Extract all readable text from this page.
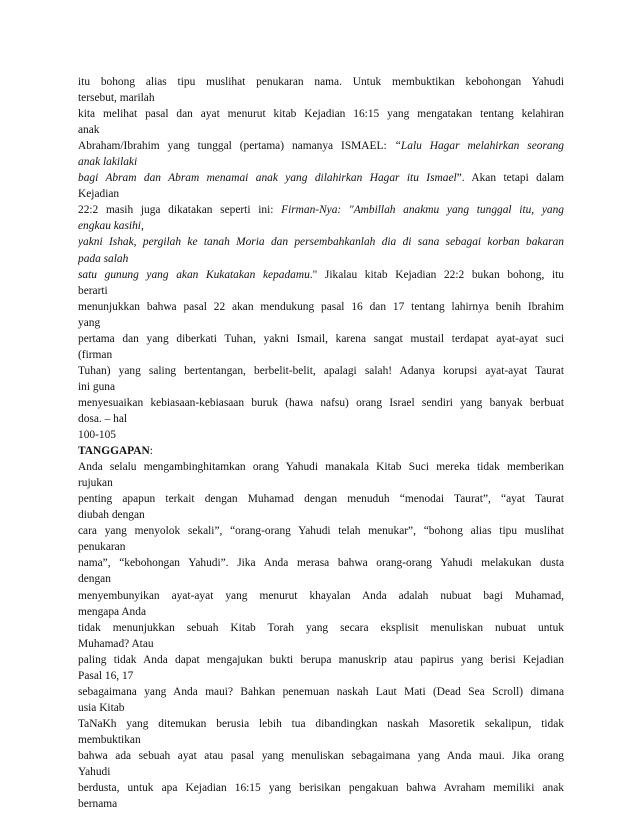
itu bohong alias tipu muslihat penukaran nama. Untuk membuktikan kebohongan Yahudi
tersebut, marilah
kita melihat pasal dan ayat menurut kitab Kejadian 16:15 yang mengatakan tentang kelahiran
anak
Abraham/Ibrahim yang tunggal (pertama) namanya ISMAEL: “Lalu Hagar melahirkan seorang
anak lakilaki
bagi Abram dan Abram menamai anak yang dilahirkan Hagar itu Ismael”. Akan tetapi dalam
Kejadian
22:2 masih juga dikatakan seperti ini: Firman-Nya: "Ambillah anakmu yang tunggal itu, yang
engkau kasihi,
yakni Ishak, pergilah ke tanah Moria dan persembahkanlah dia di sana sebagai korban bakaran
pada salah
satu gunung yang akan Kukatakan kepadamu." Jikalau kitab Kejadian 22:2 bukan bohong, itu
berarti
menunjukkan bahwa pasal 22 akan mendukung pasal 16 dan 17 tentang lahirnya benih Ibrahim
yang
pertama dan yang diberkati Tuhan, yakni Ismail, karena sangat mustail terdapat ayat-ayat suci
(firman
Tuhan) yang saling bertentangan, berbelit-belit, apalagi salah! Adanya korupsi ayat-ayat Taurat
ini guna
menyesuaikan kebiasaan-kebiasaan buruk (hawa nafsu) orang Israel sendiri yang banyak berbuat
dosa. – hal
100-105
TANGGAPAN:
Anda selalu mengambinghitamkan orang Yahudi manakala Kitab Suci mereka tidak memberikan
rujukan
penting apapun terkait dengan Muhamad dengan menuduh “menodai Taurat”, “ayat Taurat
diubah dengan
cara yang menyolok sekali”, “orang-orang Yahudi telah menukar”, “bohong alias tipu muslihat
penukaran
nama”, “kebohongan Yahudi”. Jika Anda merasa bahwa orang-orang Yahudi melakukan dusta
dengan
menyembunyikan ayat-ayat yang menurut khayalan Anda adalah nubuat bagi Muhamad,
mengapa Anda
tidak menunjukkan sebuah Kitab Torah yang secara eksplisit menuliskan nubuat untuk
Muhamad? Atau
paling tidak Anda dapat mengajukan bukti berupa manuskrip atau papirus yang berisi Kejadian
Pasal 16, 17
sebagaimana yang Anda maui? Bahkan penemuan naskah Laut Mati (Dead Sea Scroll) dimana
usia Kitab
TaNaKh yang ditemukan berusia lebih tua dibandingkan naskah Masoretik sekalipun, tidak
membuktikan
bahwa ada sebuah ayat atau pasal yang menuliskan sebagaimana yang Anda maui. Jika orang
Yahudi
berdusta, untuk apa Kejadian 16:15 yang berisikan pengakuan bahwa Avraham memiliki anak
bernama
